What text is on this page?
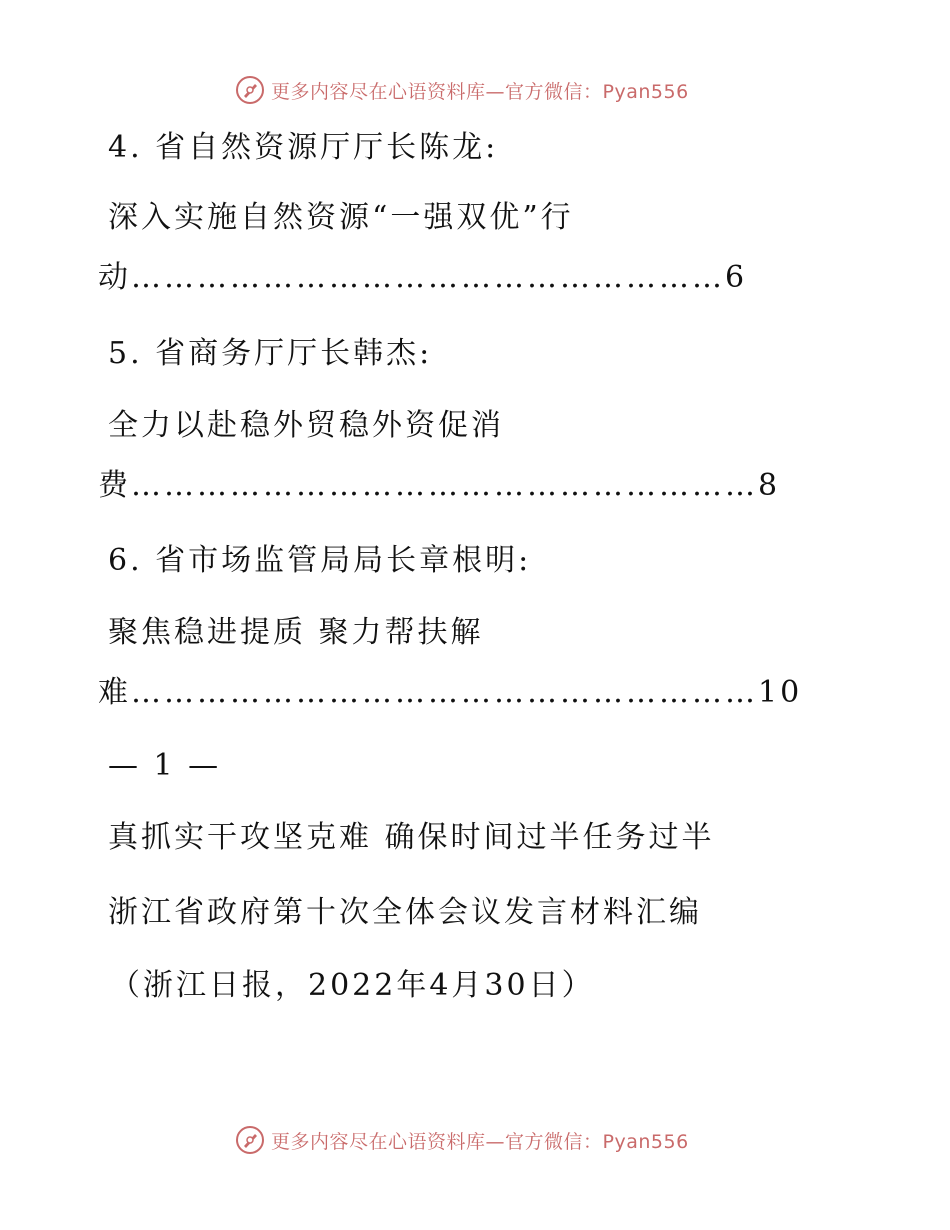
更多内容尽在心语资料库—官方微信：Pyan556
4. 省自然资源厅厅长陈龙:
深入实施自然资源“一强双优”行
动………………………………………………6
5. 省商务厅厅长韩杰:
全力以赴稳外贸稳外资促消
费…………………………………………………8
6. 省市场监管局局长章根明:
聚焦稳进提质 聚力帮扶解
难…………………………………………………10
— 1 —
真抓实干攻坚克难 确保时间过半任务过半
浙江省政府第十次全体会议发言材料汇编
（浙江日报，2022年4月30日）
更多内容尽在心语资料库—官方微信：Pyan556
